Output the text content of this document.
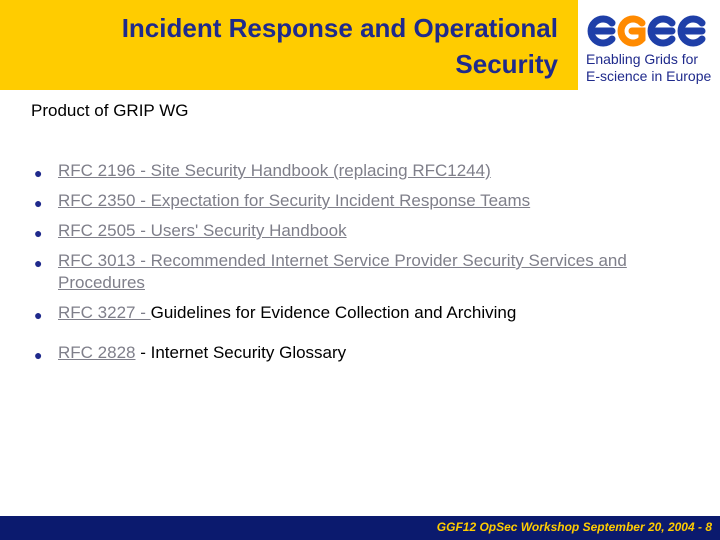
Incident Response and Operational Security Enabling Grids for
E-science in Europe
Product of GRIP WG
● RFC 2196 - Site Security Handbook (replacing RFC1244)
● RFC 2350 - Expectation for Security Incident Response Teams
● RFC 2505 - Users' Security Handbook
● RFC 3013 - Recommended Internet Service Provider Security Services and Procedures
● RFC 3227 - Guidelines for Evidence Collection and Archiving
● RFC 2828 - Internet Security Glossary
GGF12 OpSec Workshop September 20, 2004 - 8
